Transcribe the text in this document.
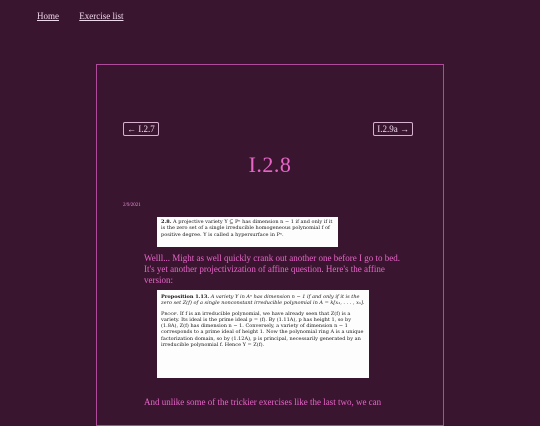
Home Exercise list
← I.2.7	I.2.9a →
I.2.8
2/9/2021
2.8. A projective variety Y ⊆ Pⁿ has dimension n − 1 if and only if it is the zero set of a single irreducible homogeneous polynomial f of positive degree. Y is called a hypersurface in Pⁿ.
Welll... Might as well quickly crank out another one before I go to bed. It's yet another projectivization of affine question. Here's the affine version:

Proposition 1.13. A variety Y in Aⁿ has dimension n − 1 if and only if it is the zero set Z(f) of a single nonconstant irreducible polynomial in A = k[x₁, . . . , xₙ].

Proof. If f is an irreducible polynomial, we have already seen that Z(f) is a variety. Its ideal is the prime ideal p = (f). By (1.11A), p has height 1, so by (1.8A), Z(f) has dimension n − 1. Conversely, a variety of dimension n − 1 corresponds to a prime ideal of height 1. Now the polynomial ring A is a unique factorization domain, so by (1.12A), p is principal, necessarily generated by an irreducible polynomial f. Hence Y = Z(f).

And unlike some of the trickier exercises like the last two, we can
